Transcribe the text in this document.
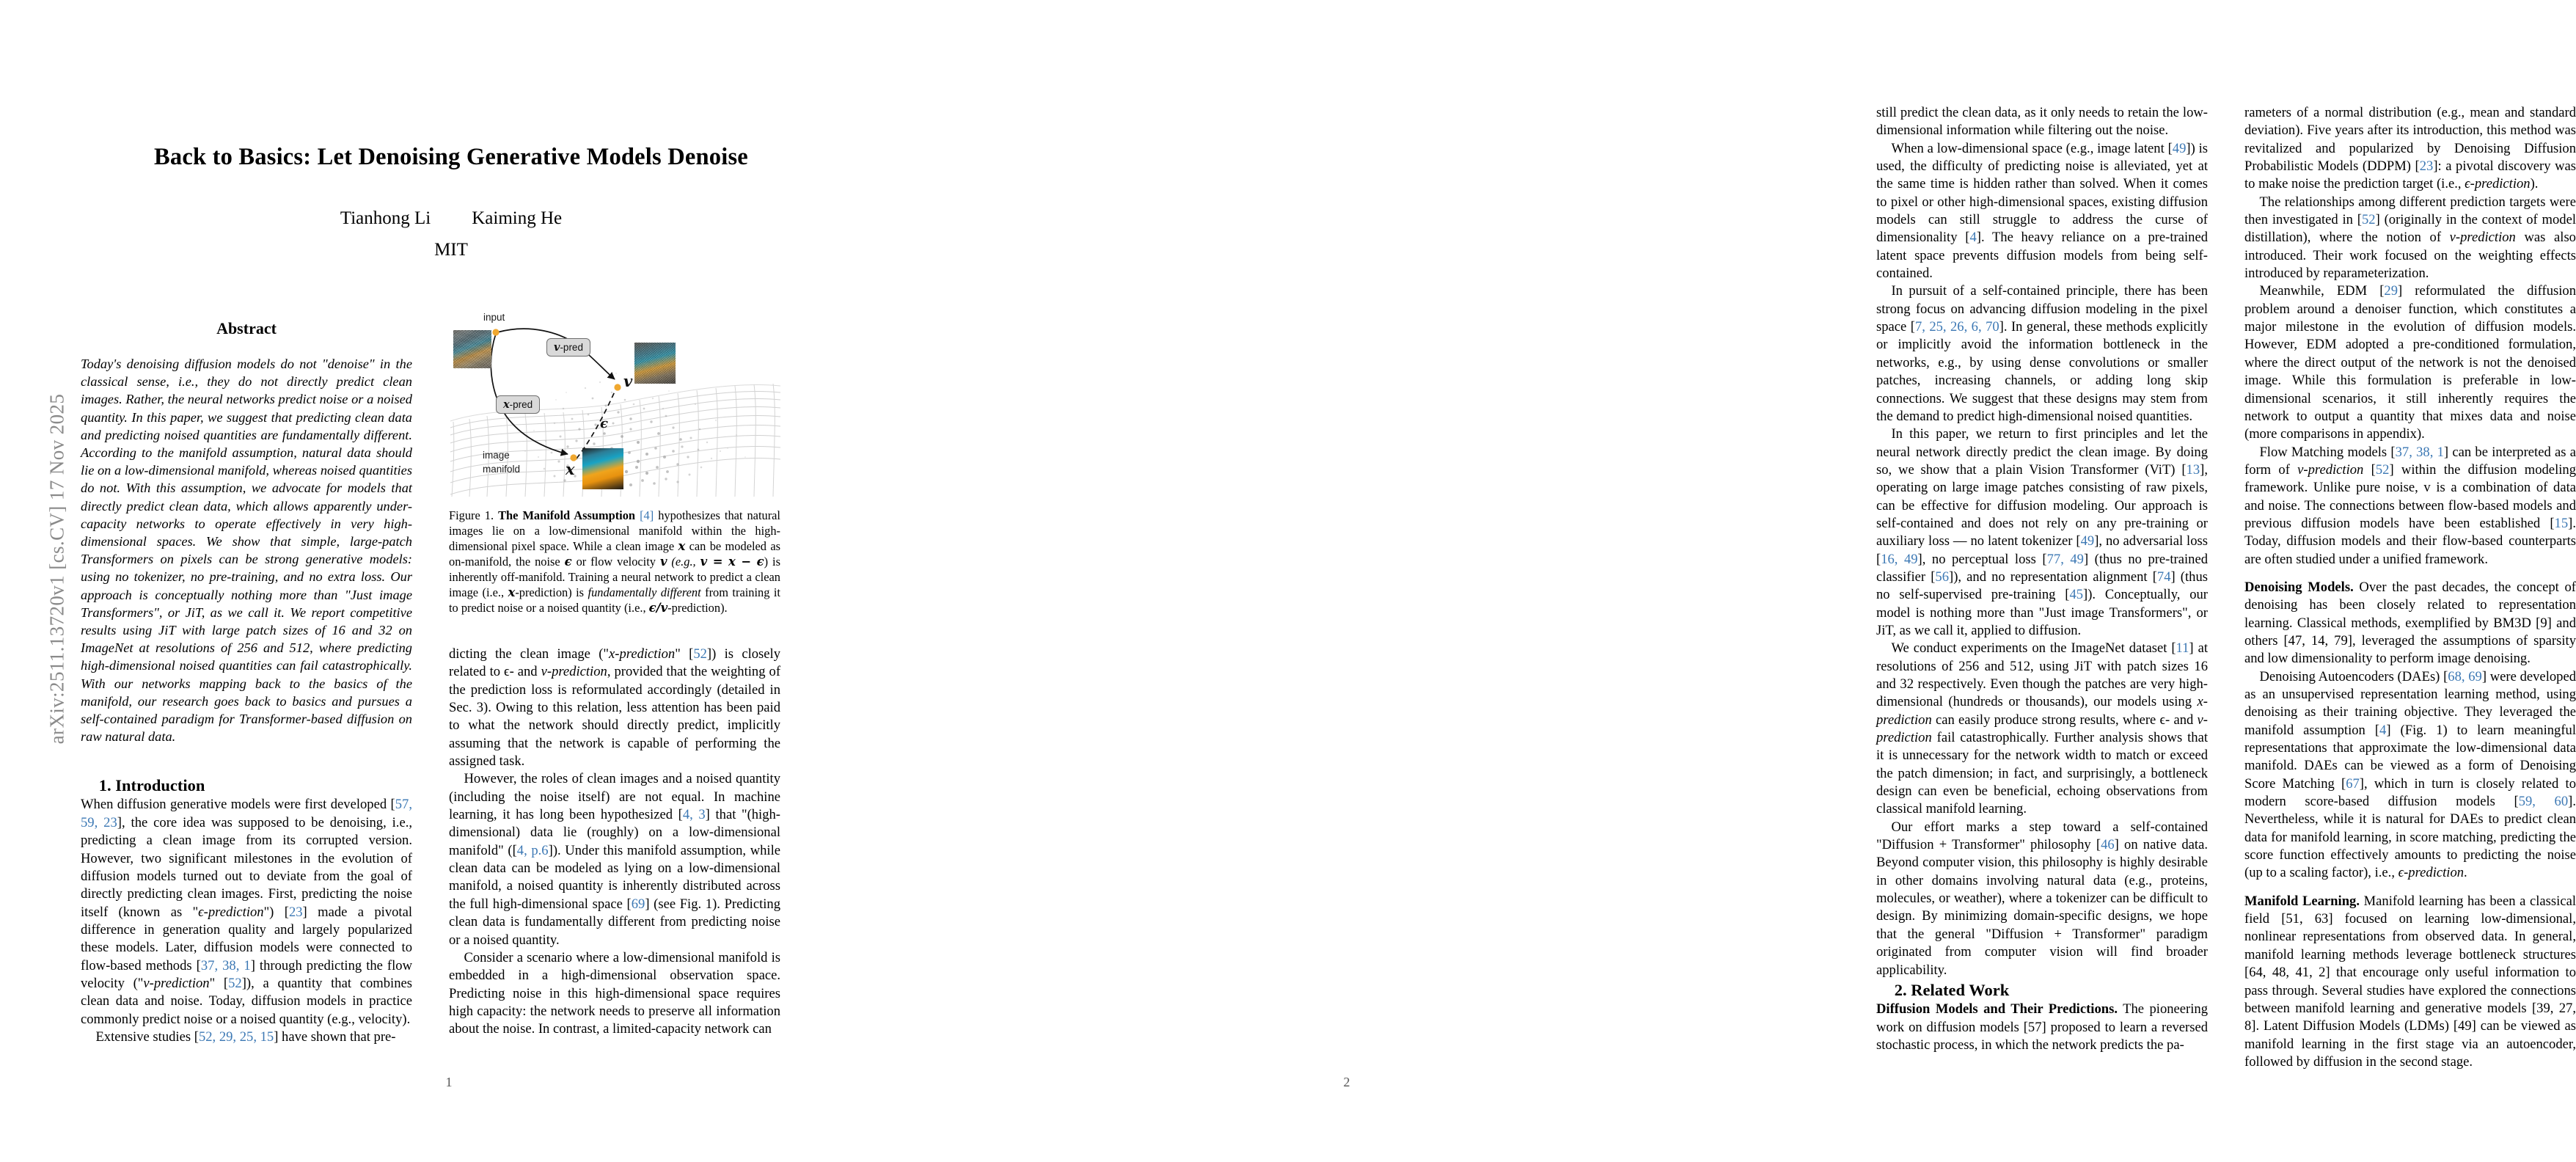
arXiv:2511.13720v1 [cs.CV] 17 Nov 2025
Back to Basics: Let Denoising Generative Models Denoise
Tianhong Li Kaiming He
MIT
Abstract

Today's denoising diffusion models do not "denoise" in the classical sense, i.e., they do not directly predict clean images. Rather, the neural networks predict noise or a noised quantity. In this paper, we suggest that predicting clean data and predicting noised quantities are fundamentally different. According to the manifold assumption, natural data should lie on a low-dimensional manifold, whereas noised quantities do not. With this assumption, we advocate for models that directly predict clean data, which allows apparently under-capacity networks to operate effectively in very high-dimensional spaces. We show that simple, large-patch Transformers on pixels can be strong generative models: using no tokenizer, no pre-training, and no extra loss. Our approach is conceptually nothing more than "Just image Transformers", or JiT, as we call it. We report competitive results using JiT with large patch sizes of 16 and 32 on ImageNet at resolutions of 256 and 512, where predicting high-dimensional noised quantities can fail catastrophically. With our networks mapping back to the basics of the manifold, our research goes back to basics and pursues a self-contained paradigm for Transformer-based diffusion on raw natural data.

input
v-pred
x-pred
v
x
ϵ
image
manifold
Figure 1. The Manifold Assumption [4] hypothesizes that natural images lie on a low-dimensional manifold within the high-dimensional pixel space. While a clean image x can be modeled as on-manifold, the noise ϵ or flow velocity v (e.g., v = x − ϵ) is inherently off-manifold. Training a neural network to predict a clean image (i.e., x-prediction) is fundamentally different from training it to predict noise or a noised quantity (i.e., ϵ/v-prediction).

1. Introduction

When diffusion generative models were first developed [57, 59, 23], the core idea was supposed to be denoising, i.e., predicting a clean image from its corrupted version. However, two significant milestones in the evolution of diffusion models turned out to deviate from the goal of directly predicting clean images. First, predicting the noise itself (known as "ϵ-prediction") [23] made a pivotal difference in generation quality and largely popularized these models. Later, diffusion models were connected to flow-based methods [37, 38, 1] through predicting the flow velocity ("v-prediction" [52]), a quantity that combines clean data and noise. Today, diffusion models in practice commonly predict noise or a noised quantity (e.g., velocity).

Extensive studies [52, 29, 25, 15] have shown that pre-

dicting the clean image ("x-prediction" [52]) is closely related to ϵ- and v-prediction, provided that the weighting of the prediction loss is reformulated accordingly (detailed in Sec. 3). Owing to this relation, less attention has been paid to what the network should directly predict, implicitly assuming that the network is capable of performing the assigned task.

However, the roles of clean images and a noised quantity (including the noise itself) are not equal. In machine learning, it has long been hypothesized [4, 3] that "(high-dimensional) data lie (roughly) on a low-dimensional manifold" ([4, p.6]). Under this manifold assumption, while clean data can be modeled as lying on a low-dimensional manifold, a noised quantity is inherently distributed across the full high-dimensional space [69] (see Fig. 1). Predicting clean data is fundamentally different from predicting noise or a noised quantity.

Consider a scenario where a low-dimensional manifold is embedded in a high-dimensional observation space. Predicting noise in this high-dimensional space requires high capacity: the network needs to preserve all information about the noise. In contrast, a limited-capacity network can

1

still predict the clean data, as it only needs to retain the low-dimensional information while filtering out the noise.

When a low-dimensional space (e.g., image latent [49]) is used, the difficulty of predicting noise is alleviated, yet at the same time is hidden rather than solved. When it comes to pixel or other high-dimensional spaces, existing diffusion models can still struggle to address the curse of dimensionality [4]. The heavy reliance on a pre-trained latent space prevents diffusion models from being self-contained.

In pursuit of a self-contained principle, there has been strong focus on advancing diffusion modeling in the pixel space [7, 25, 26, 6, 70]. In general, these methods explicitly or implicitly avoid the information bottleneck in the networks, e.g., by using dense convolutions or smaller patches, increasing channels, or adding long skip connections. We suggest that these designs may stem from the demand to predict high-dimensional noised quantities.

In this paper, we return to first principles and let the neural network directly predict the clean image. By doing so, we show that a plain Vision Transformer (ViT) [13], operating on large image patches consisting of raw pixels, can be effective for diffusion modeling. Our approach is self-contained and does not rely on any pre-training or auxiliary loss — no latent tokenizer [49], no adversarial loss [16, 49], no perceptual loss [77, 49] (thus no pre-trained classifier [56]), and no representation alignment [74] (thus no self-supervised pre-training [45]). Conceptually, our model is nothing more than "Just image Transformers", or JiT, as we call it, applied to diffusion.

We conduct experiments on the ImageNet dataset [11] at resolutions of 256 and 512, using JiT with patch sizes 16 and 32 respectively. Even though the patches are very high-dimensional (hundreds or thousands), our models using x-prediction can easily produce strong results, where ϵ- and v-prediction fail catastrophically. Further analysis shows that it is unnecessary for the network width to match or exceed the patch dimension; in fact, and surprisingly, a bottleneck design can even be beneficial, echoing observations from classical manifold learning.

Our effort marks a step toward a self-contained "Diffusion + Transformer" philosophy [46] on native data. Beyond computer vision, this philosophy is highly desirable in other domains involving natural data (e.g., proteins, molecules, or weather), where a tokenizer can be difficult to design. By minimizing domain-specific designs, we hope that the general "Diffusion + Transformer" paradigm originated from computer vision will find broader applicability.

2. Related Work

Diffusion Models and Their Predictions. The pioneering work on diffusion models [57] proposed to learn a reversed stochastic process, in which the network predicts the pa-

rameters of a normal distribution (e.g., mean and standard deviation). Five years after its introduction, this method was revitalized and popularized by Denoising Diffusion Probabilistic Models (DDPM) [23]: a pivotal discovery was to make noise the prediction target (i.e., ϵ-prediction).

The relationships among different prediction targets were then investigated in [52] (originally in the context of model distillation), where the notion of v-prediction was also introduced. Their work focused on the weighting effects introduced by reparameterization.

Meanwhile, EDM [29] reformulated the diffusion problem around a denoiser function, which constitutes a major milestone in the evolution of diffusion models. However, EDM adopted a pre-conditioned formulation, where the direct output of the network is not the denoised image. While this formulation is preferable in low-dimensional scenarios, it still inherently requires the network to output a quantity that mixes data and noise (more comparisons in appendix).

Flow Matching models [37, 38, 1] can be interpreted as a form of v-prediction [52] within the diffusion modeling framework. Unlike pure noise, v is a combination of data and noise. The connections between flow-based models and previous diffusion models have been established [15]. Today, diffusion models and their flow-based counterparts are often studied under a unified framework.

Denoising Models. Over the past decades, the concept of denoising has been closely related to representation learning. Classical methods, exemplified by BM3D [9] and others [47, 14, 79], leveraged the assumptions of sparsity and low dimensionality to perform image denoising.

Denoising Autoencoders (DAEs) [68, 69] were developed as an unsupervised representation learning method, using denoising as their training objective. They leveraged the manifold assumption [4] (Fig. 1) to learn meaningful representations that approximate the low-dimensional data manifold. DAEs can be viewed as a form of Denoising Score Matching [67], which in turn is closely related to modern score-based diffusion models [59, 60]. Nevertheless, while it is natural for DAEs to predict clean data for manifold learning, in score matching, predicting the score function effectively amounts to predicting the noise (up to a scaling factor), i.e., ϵ-prediction.

Manifold Learning. Manifold learning has been a classical field [51, 63] focused on learning low-dimensional, nonlinear representations from observed data. In general, manifold learning methods leverage bottleneck structures [64, 48, 41, 2] that encourage only useful information to pass through. Several studies have explored the connections between manifold learning and generative models [39, 27, 8]. Latent Diffusion Models (LDMs) [49] can be viewed as manifold learning in the first stage via an autoencoder, followed by diffusion in the second stage.

2
